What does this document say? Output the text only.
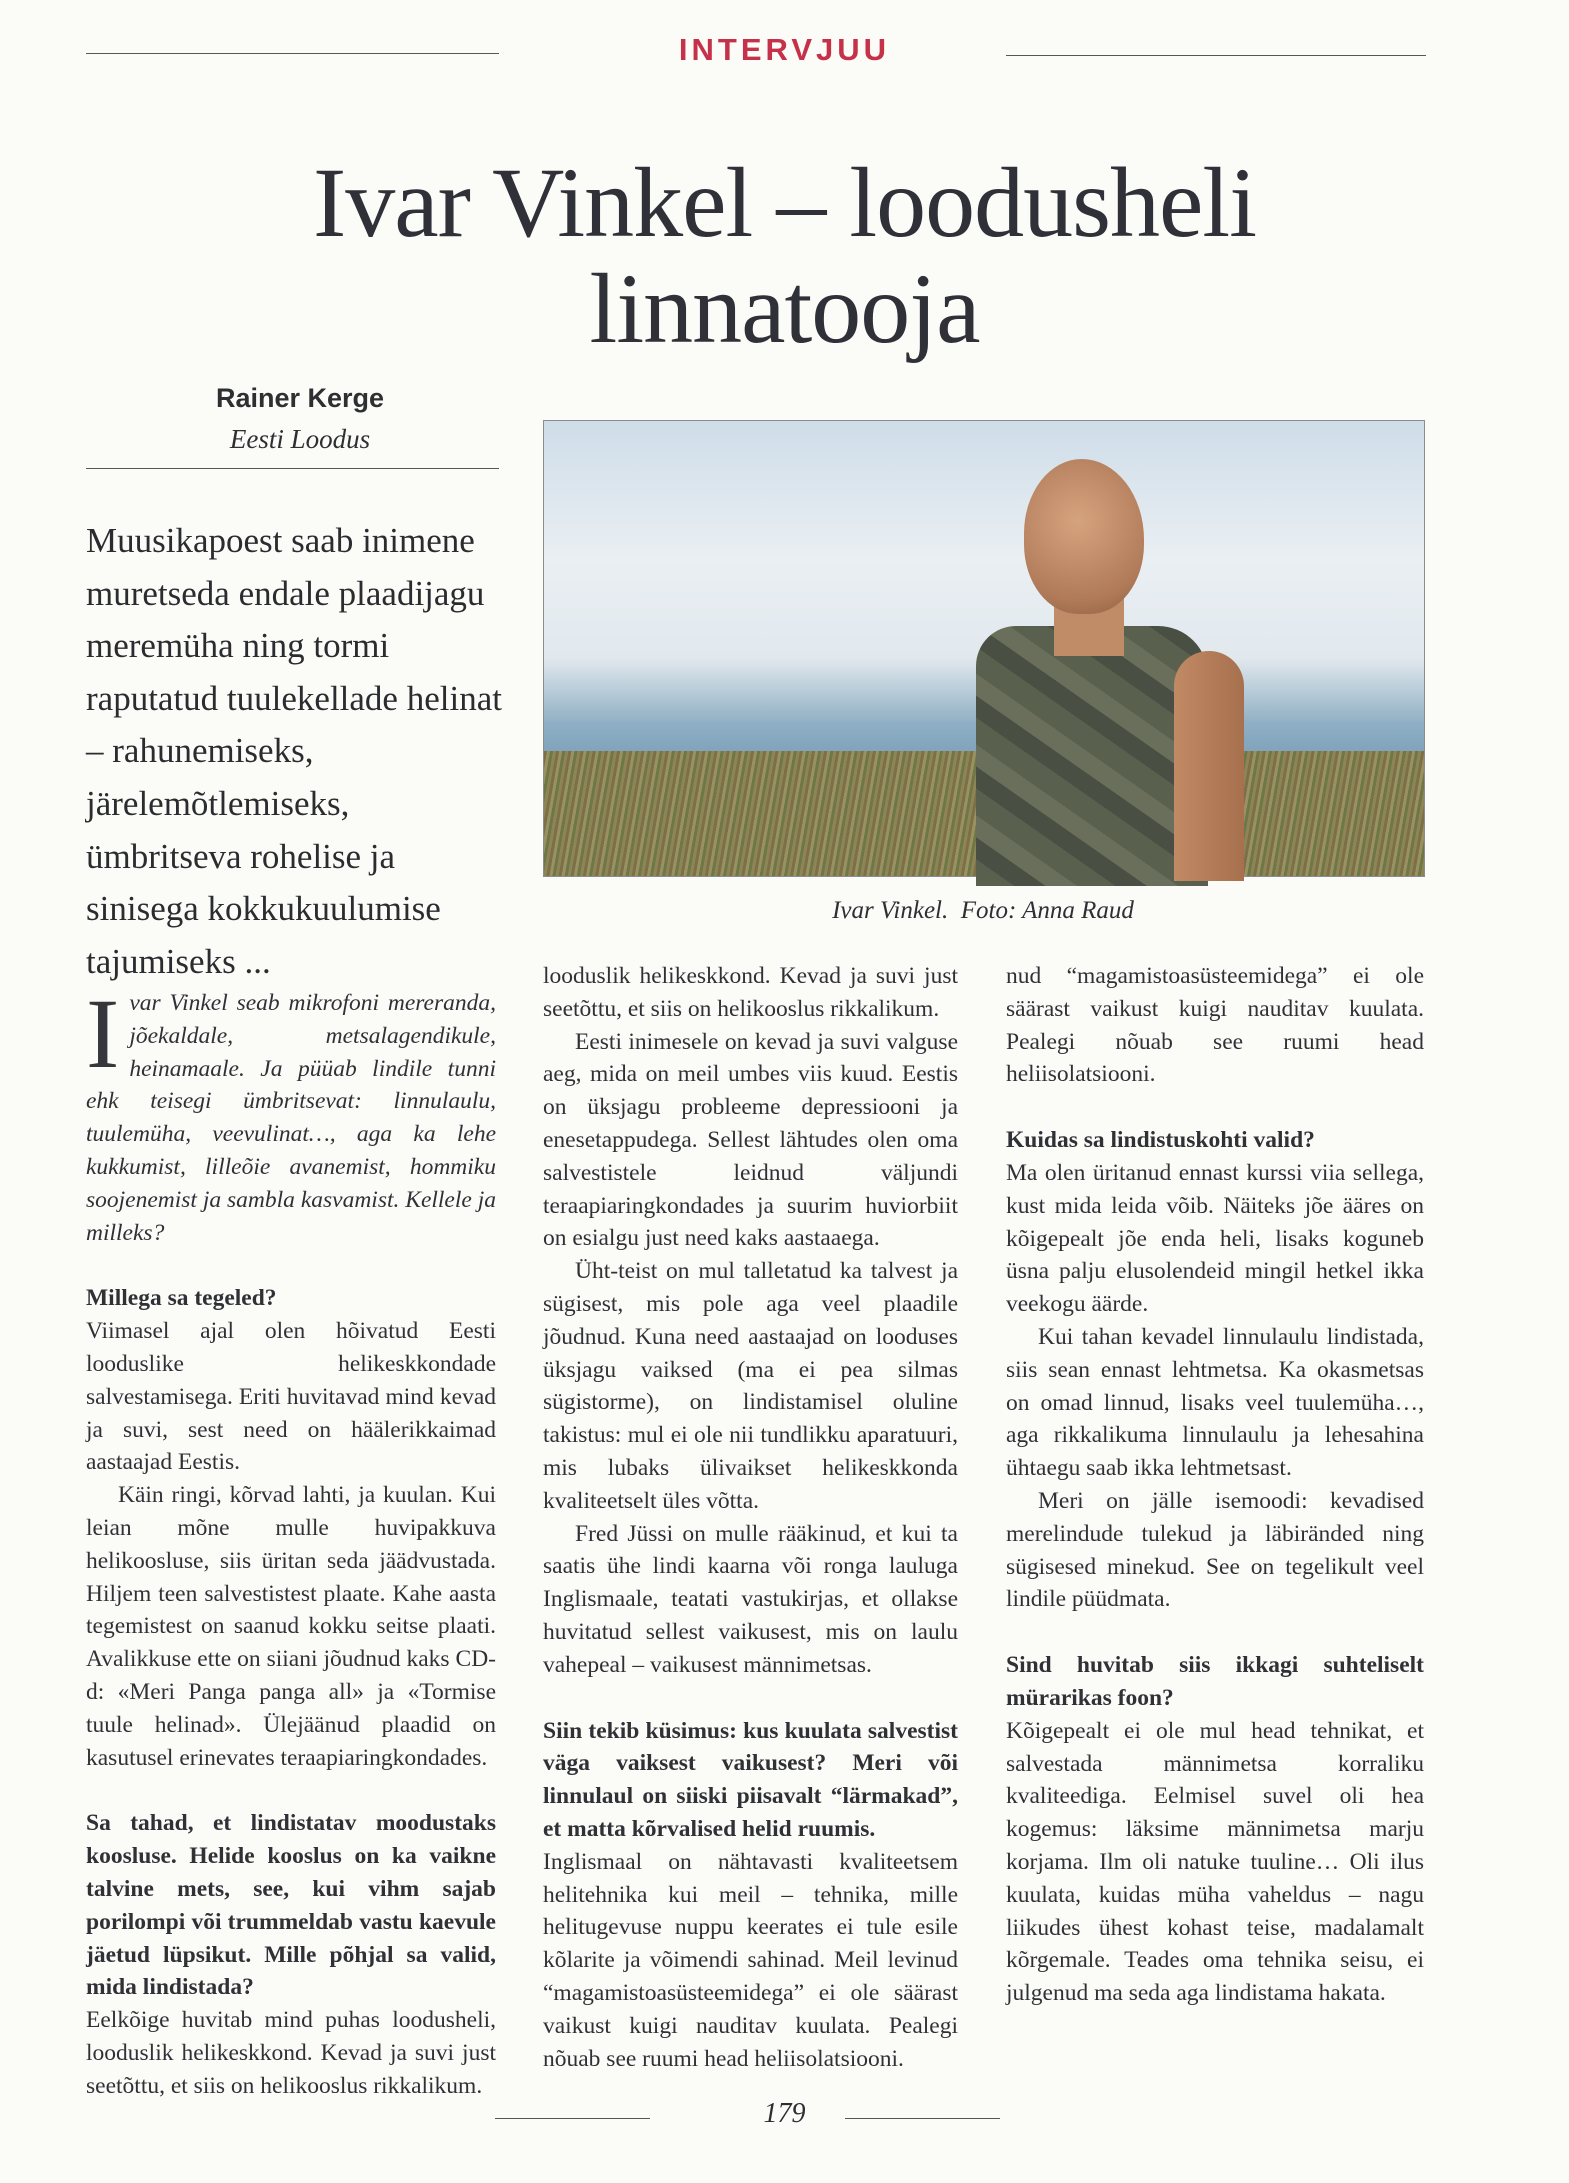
INTERVJUU
Ivar Vinkel – loodusheli
linnatooja
Rainer Kerge
Eesti Loodus
Muusikapoest saab inimene muretseda endale plaadijagu meremüha ning tormi raputatud tuulekellade helinat – rahunemiseks, järelemõtlemiseks, ümbritseva rohelise ja sinisega kokkukuulumise tajumiseks ...
Ivar Vinkel. Foto: Anna Raud
Ivar Vinkel seab mikrofoni mererandа, jõekaldale, metsalagendikule, heinamaale. Ja püüab lindile tunni ehk teisegi ümbritsevat: linnulaulu, tuulemüha, veevulinat…, aga ka lehe kukkumist, lilleõie avanemist, hommiku soojenemist ja sambla kasvamist. Kellele ja milleks?

Millega sa tegeled?

Viimasel ajal olen hõivatud Eesti looduslike helikeskkondade salvestamisega. Eriti huvitavad mind kevad ja suvi, sest need on häälerikkaimad aastaajad Eestis.

Käin ringi, kõrvad lahti, ja kuulan. Kui leian mõne mulle huvipakkuva helikoosluse, siis üritan seda jäädvustada. Hiljem teen salvestistest plaate. Kahe aasta tegemistest on saanud kokku seitse plaati. Avalikkuse ette on siiani jõudnud kaks CD-d: «Meri Panga panga all» ja «Tormise tuule helinad». Ülejäänud plaadid on kasutusel erinevates teraapiaringkondades.

Sa tahad, et lindistatav moodustaks koosluse. Helide kooslus on ka vaikne talvine mets, see, kui vihm sajab porilompi või trummeldab vastu kaevule jäetud lüpsikut. Mille põhjal sa valid, mida lindistada?

Eelkõige huvitab mind puhas loodusheli, looduslik helikeskkond. Kevad ja suvi just seetõttu, et siis on helikooslus rikkalikum.

looduslik helikeskkond. Kevad ja suvi just seetõttu, et siis on helikooslus rikkalikum.

Eesti inimesele on kevad ja suvi valguse aeg, mida on meil umbes viis kuud. Eestis on üksjagu probleeme depressiooni ja enesetappudega. Sellest lähtudes olen oma salvestistele leidnud väljundi teraapiaringkondades ja suurim huviorbiit on esialgu just need kaks aastaaega.

Üht-teist on mul talletatud ka talvest ja sügisest, mis pole aga veel plaadile jõudnud. Kuna need aastaajad on looduses üksjagu vaiksed (ma ei pea silmas sügistorme), on lindistamisel oluline takistus: mul ei ole nii tundlikku aparatuuri, mis lubaks ülivaikset helikeskkonda kvaliteetselt üles võtta.

Fred Jüssi on mulle rääkinud, et kui ta saatis ühe lindi kaarna või ronga lauluga Inglismaale, teatati vastukirjas, et ollakse huvitatud sellest vaikusest, mis on laulu vahepeal – vaikusest männimetsas.

Siin tekib küsimus: kus kuulata salvestist väga vaiksest vaikusest? Meri või linnulaul on siiski piisavalt “lärmakad”, et matta kõrvalised helid ruumis.

Inglismaal on nähtavasti kvaliteetsem helitehnika kui meil – tehnika, mille helitugevuse nuppu keerates ei tule esile kõlarite ja võimendi sahinad. Meil levinud “magamistoasüsteemidega” ei ole säärast vaikust kuigi nauditav kuulata. Pealegi nõuab see ruumi head heliisolatsiooni.

nud “magamistoasüsteemidega” ei ole säärast vaikust kuigi nauditav kuulata. Pealegi nõuab see ruumi head heliisolatsiooni.

Kuidas sa lindistuskohti valid?

Ma olen üritanud ennast kurssi viia sellega, kust mida leida võib. Näiteks jõe ääres on kõigepealt jõe enda heli, lisaks koguneb üsna palju elusolendeid mingil hetkel ikka veekogu äärde.

Kui tahan kevadel linnulaulu lindistada, siis sean ennast lehtmetsa. Ka okasmetsas on omad linnud, lisaks veel tuulemüha…, aga rikkalikuma linnulaulu ja lehesahina ühtaegu saab ikka lehtmetsast.

Meri on jälle isemoodi: kevadised merelindude tulekud ja läbiränded ning sügisesed minekud. See on tegelikult veel lindile püüdmata.

Sind huvitab siis ikkagi suhteliselt mürarikas foon?

Kõigepealt ei ole mul head tehnikat, et salvestada männimetsa korraliku kvaliteediga. Eelmisel suvel oli hea kogemus: läksime männimetsa marju korjama. Ilm oli natuke tuuline… Oli ilus kuulata, kuidas müha vaheldus – nagu liikudes ühest kohast teise, madalamalt kõrgemale. Teades oma tehnika seisu, ei julgenud ma seda aga lindistama hakata.

179
